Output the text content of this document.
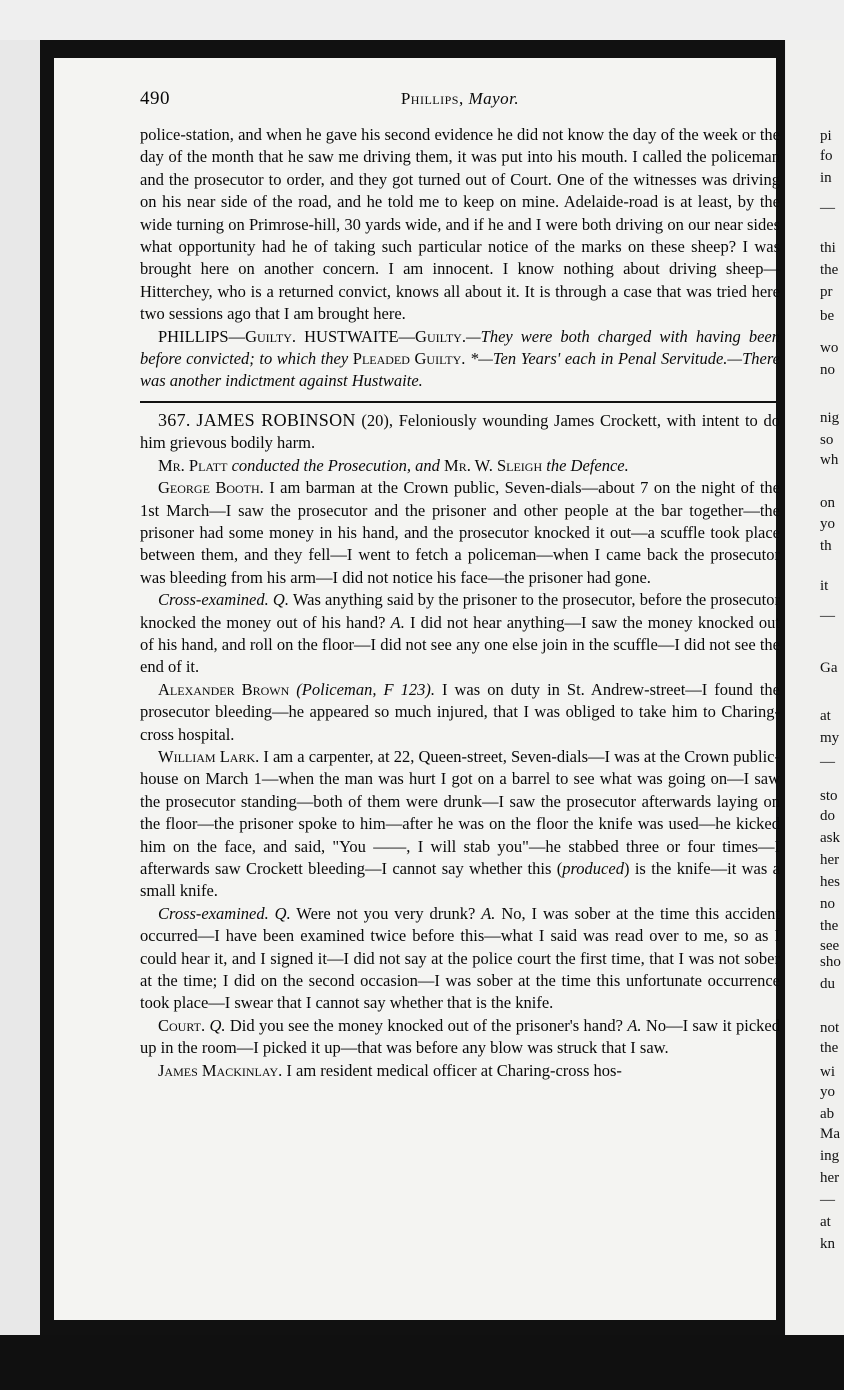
490	Phillips, Mayor.

police-station, and when he gave his second evidence he did not know the day of the week or the day of the month that he saw me driving them, it was put into his mouth. I called the policeman and the prosecutor to order, and they got turned out of Court. One of the witnesses was driving on his near side of the road, and he told me to keep on mine. Adelaide-road is at least, by the wide turning on Primrose-hill, 30 yards wide, and if he and I were both driving on our near sides what opportunity had he of taking such particular notice of the marks on these sheep? I was brought here on another concern. I am innocent. I know nothing about driving sheep—Hitterchey, who is a returned convict, knows all about it. It is through a case that was tried here two sessions ago that I am brought here.

PHILLIPS—Guilty. HUSTWAITE—Guilty.—They were both charged with having been before convicted; to which they Pleaded Guilty. *—Ten Years' each in Penal Servitude.—There was another indictment against Hustwaite.

367. JAMES ROBINSON (20), Feloniously wounding James Crockett, with intent to do him grievous bodily harm.

Mr. Platt conducted the Prosecution, and Mr. W. Sleigh the Defence.

George Booth. I am barman at the Crown public, Seven-dials—about 7 on the night of the 1st March—I saw the prosecutor and the prisoner and other people at the bar together—the prisoner had some money in his hand, and the prosecutor knocked it out—a scuffle took place between them, and they fell—I went to fetch a policeman—when I came back the prosecutor was bleeding from his arm—I did not notice his face—the prisoner had gone.

Cross-examined. Q. Was anything said by the prisoner to the prosecutor, before the prosecutor knocked the money out of his hand? A. I did not hear anything—I saw the money knocked out of his hand, and roll on the floor—I did not see any one else join in the scuffle—I did not see the end of it.

Alexander Brown (Policeman, F 123). I was on duty in St. Andrew-street—I found the prosecutor bleeding—he appeared so much injured, that I was obliged to take him to Charing-cross hospital.

William Lark. I am a carpenter, at 22, Queen-street, Seven-dials—I was at the Crown public-house on March 1—when the man was hurt I got on a barrel to see what was going on—I saw the prosecutor standing—both of them were drunk—I saw the prosecutor afterwards laying on the floor—the prisoner spoke to him—after he was on the floor the knife was used—he kicked him on the face, and said, "You ——, I will stab you"—he stabbed three or four times—I afterwards saw Crockett bleeding—I cannot say whether this (produced) is the knife—it was a small knife.

Cross-examined. Q. Were not you very drunk? A. No, I was sober at the time this accident occurred—I have been examined twice before this—what I said was read over to me, so as I could hear it, and I signed it—I did not say at the police court the first time, that I was not sober at the time; I did on the second occasion—I was sober at the time this unfortunate occurrence took place—I swear that I cannot say whether that is the knife.

Court. Q. Did you see the money knocked out of the prisoner's hand? A. No—I saw it picked up in the room—I picked it up—that was before any blow was struck that I saw.

James Mackinlay. I am resident medical officer at Charing-cross hos-

pi
fo
in
—
thi
the
pr
be
wo
no
nig
so
wh
on
yo
th
it
—
Ga
at
my
—
sto
do
ask
her
hes
no
the
see
sho
du
not
the
wi
yo
ab
Ma
ing
her
—
at
kn
